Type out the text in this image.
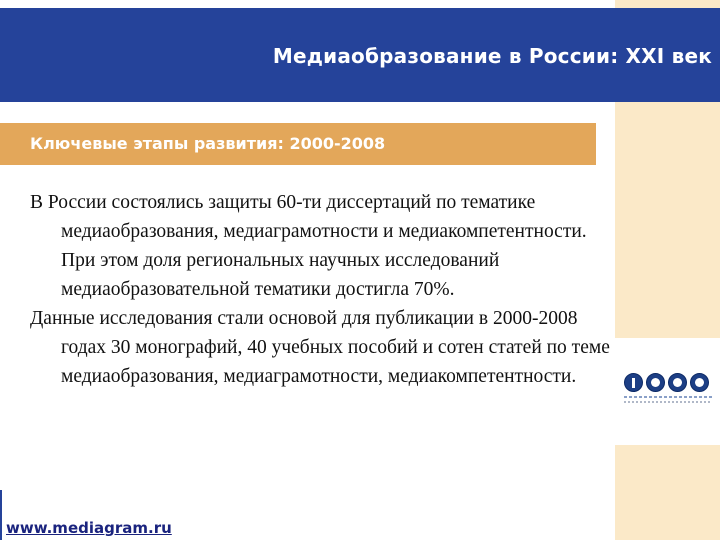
Медиаобразование в России: XXI век
Ключевые этапы развития: 2000-2008

В России состоялись защиты 60-ти диссертаций по тематике медиаобразования, медиаграмотности и медиакомпетентности. При этом доля региональных научных исследований медиаобразовательной тематики достигла 70%.

Данные исследования стали основой для публикации в 2000-2008 годах 30 монографий, 40 учебных пособий и сотен статей по теме медиаобразования, медиаграмотности, медиакомпетентности.

www.mediagram.ru
